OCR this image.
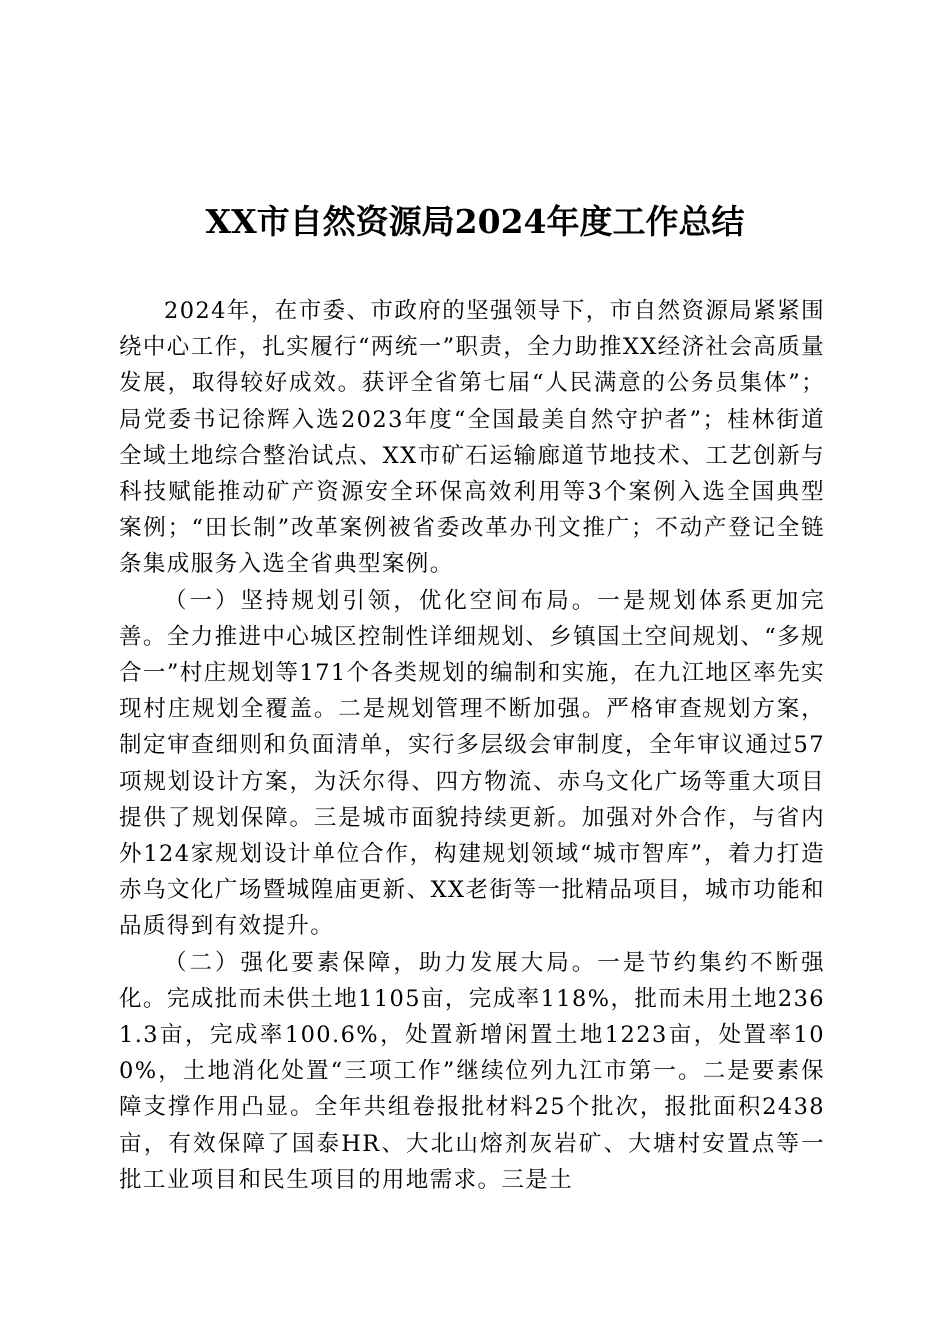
XX市自然资源局2024年度工作总结

2024年，在市委、市政府的坚强领导下，市自然资源局紧紧围绕中心工作，扎实履行“两统一”职责，全力助推XX经济社会高质量发展，取得较好成效。获评全省第七届“人民满意的公务员集体”；局党委书记徐辉入选2023年度“全国最美自然守护者”；桂林街道全域土地综合整治试点、XX市矿石运输廊道节地技术、工艺创新与科技赋能推动矿产资源安全环保高效利用等3个案例入选全国典型案例；“田长制”改革案例被省委改革办刊文推广；不动产登记全链条集成服务入选全省典型案例。

（一）坚持规划引领，优化空间布局。一是规划体系更加完善。全力推进中心城区控制性详细规划、乡镇国土空间规划、“多规合一”村庄规划等171个各类规划的编制和实施，在九江地区率先实现村庄规划全覆盖。二是规划管理不断加强。严格审查规划方案，制定审查细则和负面清单，实行多层级会审制度，全年审议通过57项规划设计方案，为沃尔得、四方物流、赤乌文化广场等重大项目提供了规划保障。三是城市面貌持续更新。加强对外合作，与省内外124家规划设计单位合作，构建规划领域“城市智库”，着力打造赤乌文化广场暨城隍庙更新、XX老街等一批精品项目，城市功能和品质得到有效提升。

（二）强化要素保障，助力发展大局。一是节约集约不断强化。完成批而未供土地1105亩，完成率118%，批而未用土地2361.3亩，完成率100.6%，处置新增闲置土地1223亩，处置率100%，土地消化处置“三项工作”继续位列九江市第一。二是要素保障支撑作用凸显。全年共组卷报批材料25个批次，报批面积2438亩，有效保障了国泰HR、大北山熔剂灰岩矿、大塘村安置点等一批工业项目和民生项目的用地需求。三是土
